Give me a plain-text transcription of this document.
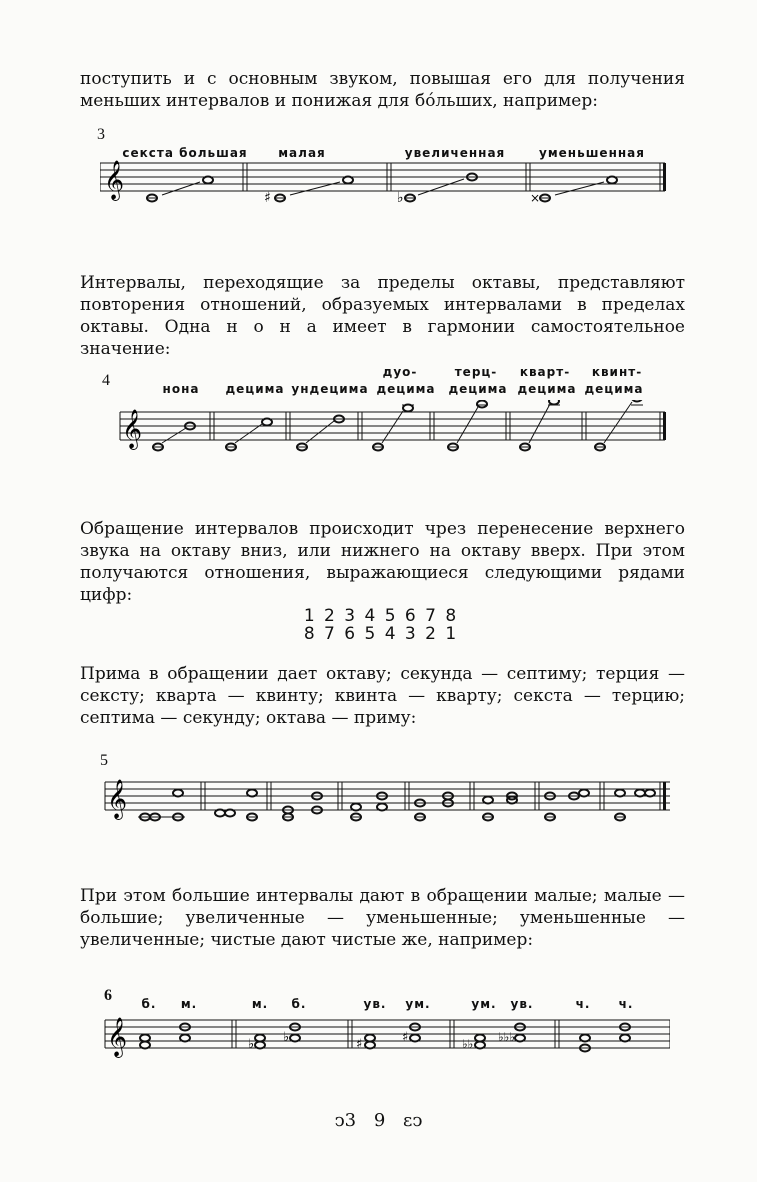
поступить и с основным звуком, повышая его для получения меньших интервалов и понижая для бóльших, например:

3
секста большая	малая	увеличенная	уменьшенная
𝄞	♯	♭	×

Интервалы, переходящие за пределы октавы, представляют повторения отношений, образуемых интервалами в пределах октавы. Одна н о н а имеет в гармонии самостоятельное значение:

4	дуо-	терц- кварт- квинт-
нона децима ундецима децима децима децима децима
𝄞

Обращение интервалов происходит чрез перенесение верхнего звука на октаву вниз, или нижнего на октаву вверх. При этом получаются отношения, выражающиеся следующими рядами цифр:

1 2 3 4 5 6 7 8
8 7 6 5 4 3 2 1

Прима в обращении дает октаву; секунда — септиму; терция — сексту; кварта — квинту; квинта — кварту; секста — терцию; септима — секунду; октава — приму:

5
𝄞

При этом большие интервалы дают в обращении малые; малые — большие; увеличенные — уменьшенные; уменьшенные — увеличенные; чистые дают чистые же, например:

6 б. м.	м. б.	ув. ум.	ум. ув.	ч. ч.
𝄞	♭ ♭	♯	♯	♭♭ ♭♭♭
ↄ3 9 ɛↄ
